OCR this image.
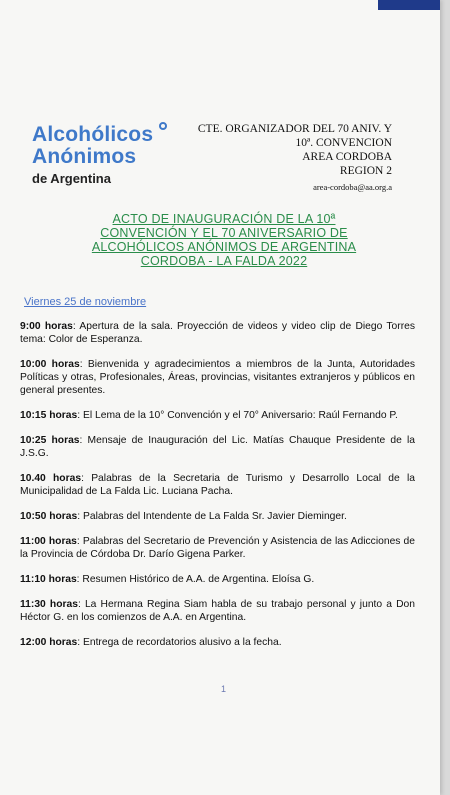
Alcohólicos
Anónimos
de Argentina
CTE. ORGANIZADOR DEL 70 ANIV. Y
10ª. CONVENCION
AREA CORDOBA
REGION 2
area-cordoba@aa.org.a
ACTO DE INAUGURACIÓN DE LA 10ª
CONVENCIÓN Y EL 70 ANIVERSARIO DE
ALCOHÓLICOS ANÓNIMOS DE ARGENTINA
CORDOBA - LA FALDA 2022
Viernes 25 de noviembre
9:00 horas: Apertura de la sala. Proyección de videos y video clip de Diego Torres tema: Color de Esperanza.
10:00 horas: Bienvenida y agradecimientos a miembros de la Junta, Autoridades Políticas y otras, Profesionales, Áreas, provincias, visitantes extranjeros y públicos en general presentes.
10:15 horas: El Lema de la 10° Convención y el 70° Aniversario: Raúl Fernando P.
10:25 horas: Mensaje de Inauguración del Lic. Matías Chauque Presidente de la J.S.G.
10.40 horas: Palabras de la Secretaria de Turismo y Desarrollo Local de la Municipalidad de La Falda Lic. Luciana Pacha.
10:50 horas: Palabras del Intendente de La Falda Sr. Javier Dieminger.
11:00 horas: Palabras del Secretario de Prevención y Asistencia de las Adicciones de la Provincia de Córdoba Dr. Darío Gigena Parker.
11:10 horas: Resumen Histórico de A.A. de Argentina. Eloísa G.
11:30 horas: La Hermana Regina Siam habla de su trabajo personal y junto a Don Héctor G. en los comienzos de A.A. en Argentina.
12:00 horas: Entrega de recordatorios alusivo a la fecha.
1
